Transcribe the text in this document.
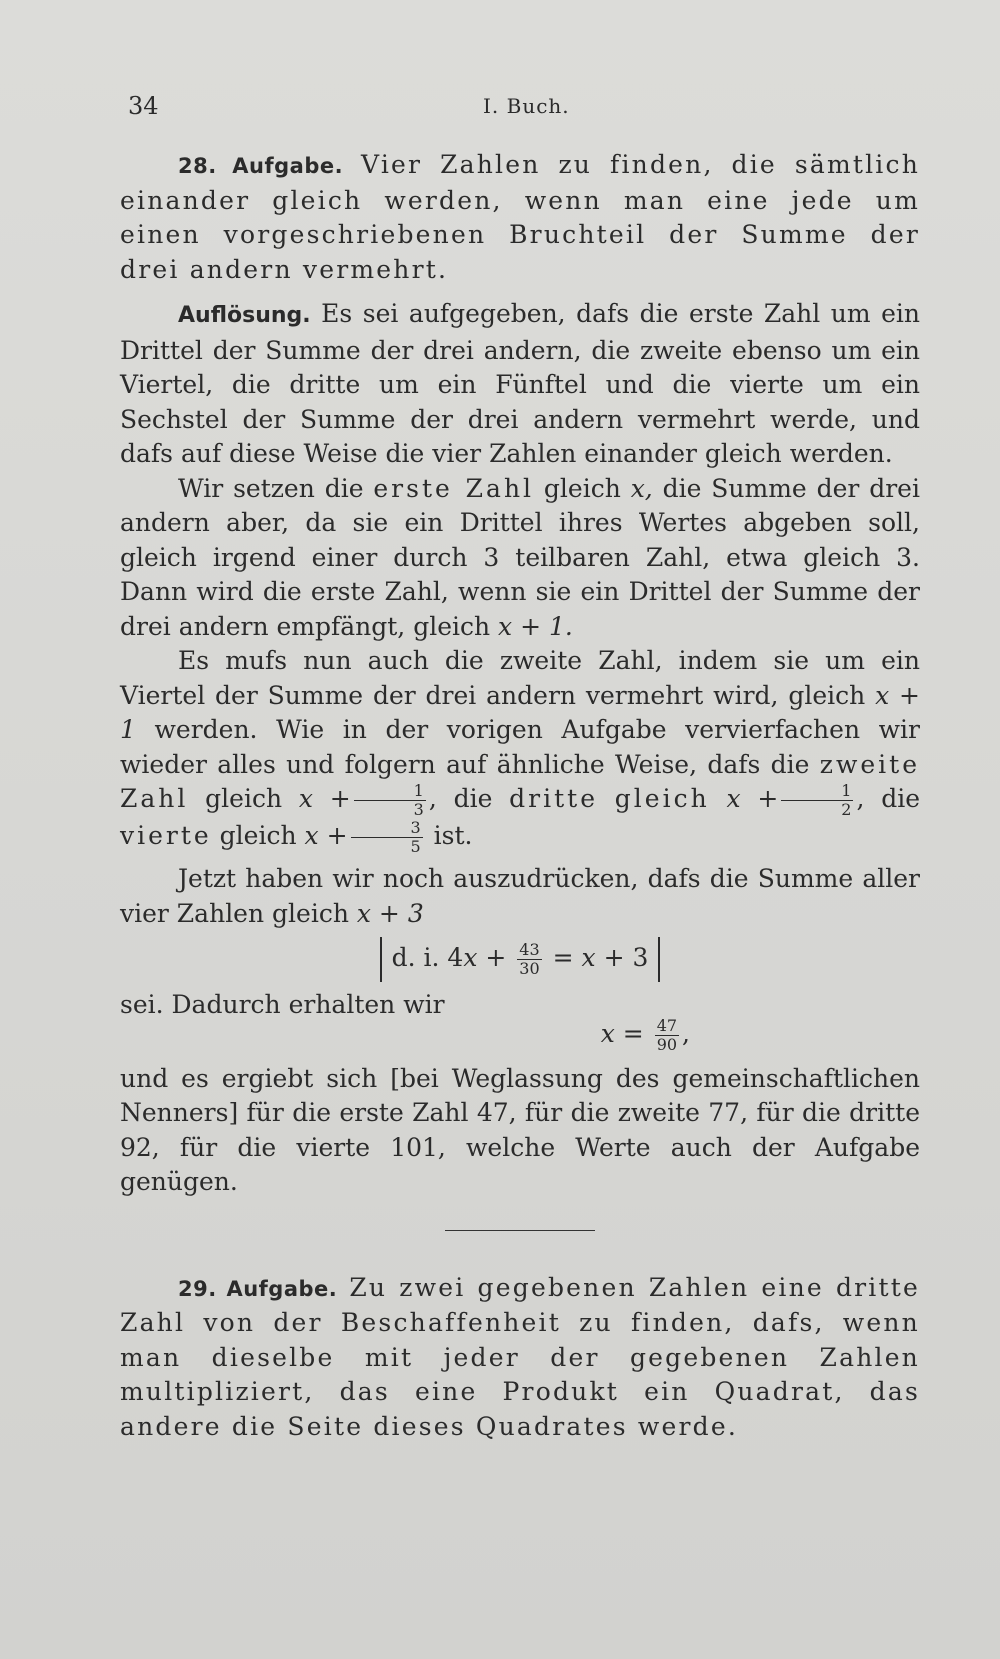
34	I. Buch.

28. Aufgabe. Vier Zahlen zu finden, die sämtlich einander gleich werden, wenn man eine jede um einen vorgeschriebenen Bruchteil der Summe der drei andern vermehrt.

Auflösung. Es sei aufgegeben, dafs die erste Zahl um ein Drittel der Summe der drei andern, die zweite ebenso um ein Viertel, die dritte um ein Fünftel und die vierte um ein Sechstel der Summe der drei andern vermehrt werde, und dafs auf diese Weise die vier Zahlen einander gleich werden.

Wir setzen die erste Zahl gleich x, die Summe der drei andern aber, da sie ein Drittel ihres Wertes abgeben soll, gleich irgend einer durch 3 teilbaren Zahl, etwa gleich 3. Dann wird die erste Zahl, wenn sie ein Drittel der Summe der drei andern empfängt, gleich x + 1.

Es mufs nun auch die zweite Zahl, indem sie um ein Viertel der Summe der drei andern vermehrt wird, gleich x + 1 werden. Wie in der vorigen Aufgabe vervierfachen wir wieder alles und folgern auf ähnliche Weise, dafs die zweite Zahl gleich $x + \frac{1}{3}$ , die dritte gleich $x + \frac{1}{2}$ , die vierte gleich $x + \frac{3}{5}$ ist.

Jetzt haben wir noch auszudrücken, dafs die Summe aller vier Zahlen gleich x + 3

d. i. $4x + \frac{43}{30} = x + 3$

sei. Dadurch erhalten wir

$x = \frac{47}{90}$ ,

und es ergiebt sich [bei Weglassung des gemeinschaftlichen Nenners] für die erste Zahl 47, für die zweite 77, für die dritte 92, für die vierte 101, welche Werte auch der Aufgabe genügen.

29. Aufgabe. Zu zwei gegebenen Zahlen eine dritte Zahl von der Beschaffenheit zu finden, dafs, wenn man dieselbe mit jeder der gegebenen Zahlen multipliziert, das eine Produkt ein Quadrat, das andere die Seite dieses Quadrates werde.
